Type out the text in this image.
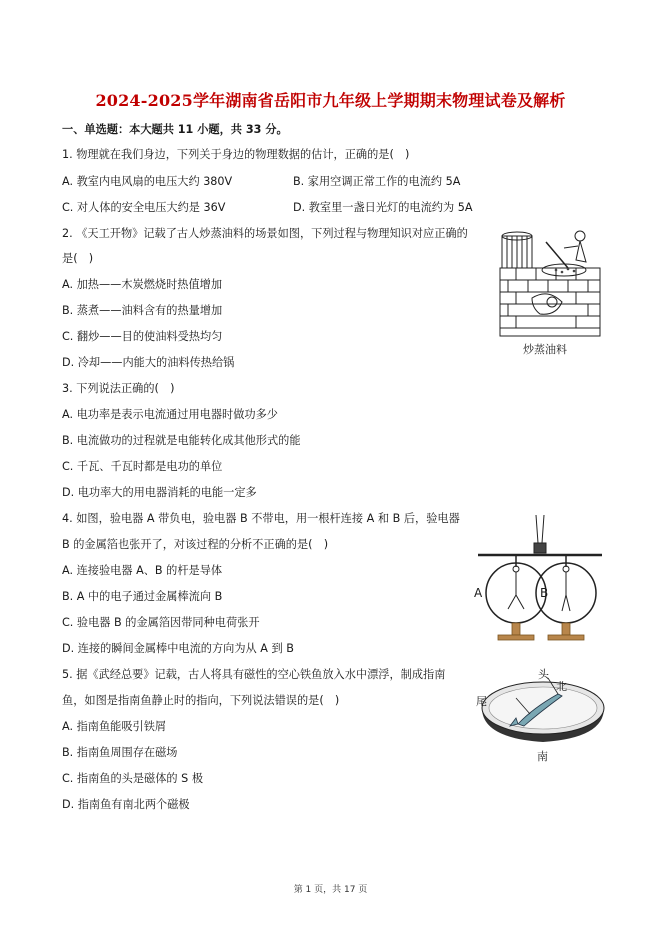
2024-2025学年湖南省岳阳市九年级上学期期末物理试卷及解析
一、单选题：本大题共 11 小题，共 33 分。
1. 物理就在我们身边，下列关于身边的物理数据的估计，正确的是(　)
A. 教室内电风扇的电压大约 380V	B. 家用空调正常工作的电流约 5A
C. 对人体的安全电压大约是 36V	D. 教室里一盏日光灯的电流约为 5A
2. 《天工开物》记载了古人炒蒸油料的场景如图，下列过程与物理知识对应正确的
是(　)
A. 加热——木炭燃烧时热值增加
B. 蒸煮——油料含有的热量增加
C. 翻炒——目的使油料受热均匀
D. 冷却——内能大的油料传热给锅
炒蒸油料
3. 下列说法正确的(　)
A. 电功率是表示电流通过用电器时做功多少
B. 电流做功的过程就是电能转化成其他形式的能
C. 千瓦、千瓦时都是电功的单位
D. 电功率大的用电器消耗的电能一定多
4. 如图，验电器 A 带负电，验电器 B 不带电，用一根杆连接 A 和 B 后，验电器
B 的金属箔也张开了，对该过程的分析不正确的是(　)
A. 连接验电器 A、B 的杆是导体
B. A 中的电子通过金属棒流向 B
C. 验电器 B 的金属箔因带同种电荷张开
D. 连接的瞬间金属棒中电流的方向为从 A 到 B
A	B
5. 据《武经总要》记载，古人将具有磁性的空心铁鱼放入水中漂浮，制成指南
鱼，如图是指南鱼静止时的指向，下列说法错误的是(　)
A. 指南鱼能吸引铁屑
B. 指南鱼周围存在磁场
C. 指南鱼的头是磁体的 S 极
D. 指南鱼有南北两个磁极
头
北
尾
南
第 1 页，共 17 页
